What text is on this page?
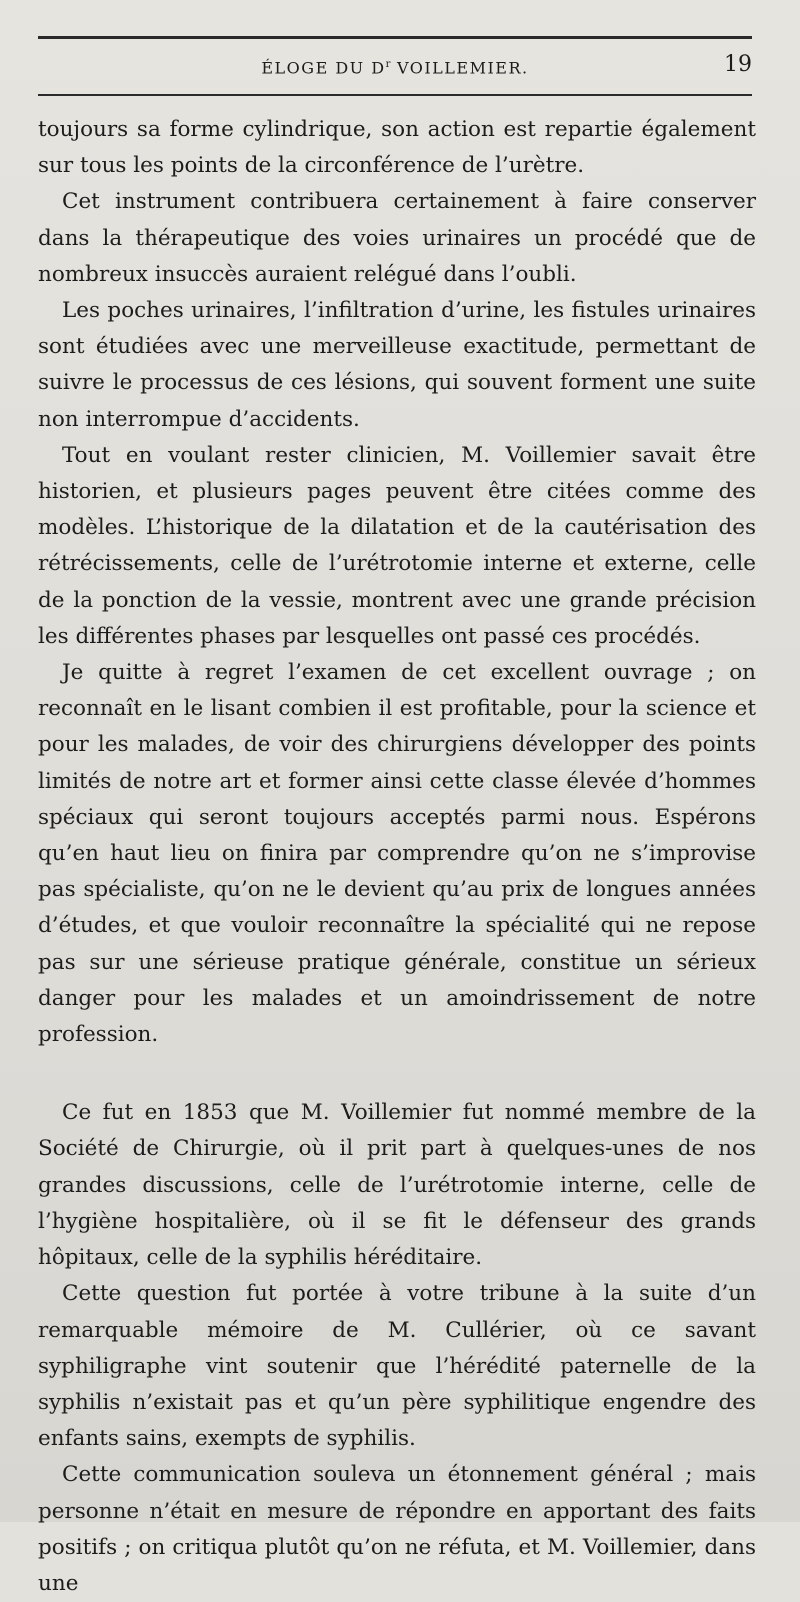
ÉLOGE DU $D^r$ VOILLEMIER.	19

toujours sa forme cylindrique, son action est repartie également sur tous les points de la circonférence de l’urètre.

Cet instrument contribuera certainement à faire conserver dans la thérapeutique des voies urinaires un procédé que de nombreux insuccès auraient relégué dans l’oubli.

Les poches urinaires, l’infiltration d’urine, les fistules urinaires sont étudiées avec une merveilleuse exactitude, permettant de suivre le processus de ces lésions, qui souvent forment une suite non interrompue d’accidents.

Tout en voulant rester clinicien, M. Voillemier savait être historien, et plusieurs pages peuvent être citées comme des modèles. L’historique de la dilatation et de la cautérisation des rétrécissements, celle de l’urétrotomie interne et externe, celle de la ponction de la vessie, montrent avec une grande précision les différentes phases par lesquelles ont passé ces procédés.

Je quitte à regret l’examen de cet excellent ouvrage ; on reconnaît en le lisant combien il est profitable, pour la science et pour les malades, de voir des chirurgiens développer des points limités de notre art et former ainsi cette classe élevée d’hommes spéciaux qui seront toujours acceptés parmi nous. Espérons qu’en haut lieu on finira par comprendre qu’on ne s’improvise pas spécialiste, qu’on ne le devient qu’au prix de longues années d’études, et que vouloir reconnaître la spécialité qui ne repose pas sur une sérieuse pratique générale, constitue un sérieux danger pour les malades et un amoindrissement de notre profession.

Ce fut en 1853 que M. Voillemier fut nommé membre de la Société de Chirurgie, où il prit part à quelques-unes de nos grandes discussions, celle de l’urétrotomie interne, celle de l’hygiène hospitalière, où il se fit le défenseur des grands hôpitaux, celle de la syphilis héréditaire.

Cette question fut portée à votre tribune à la suite d’un remarquable mémoire de M. Cullérier, où ce savant syphiligraphe vint soutenir que l’hérédité paternelle de la syphilis n’existait pas et qu’un père syphilitique engendre des enfants sains, exempts de syphilis.

Cette communication souleva un étonnement général ; mais personne n’était en mesure de répondre en apportant des faits positifs ; on critiqua plutôt qu’on ne réfuta, et M. Voillemier, dans une
